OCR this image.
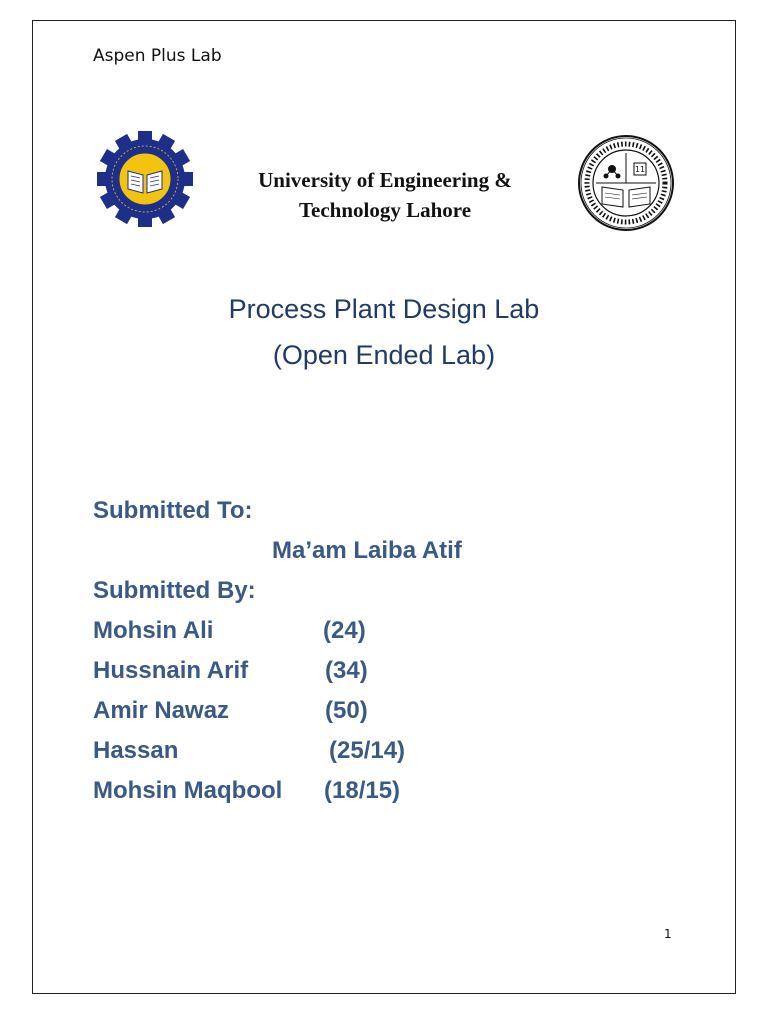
Aspen Plus Lab
University of Engineering &
Technology Lahore
11
Process Plant Design Lab
(Open Ended Lab)
Submitted To:
Ma’am Laiba Atif
Submitted By:
Mohsin Ali	(24)
Hussnain Arif	(34)
Amir Nawaz	(50)
Hassan	(25/14)
Mohsin Maqbool (18/15)
1
